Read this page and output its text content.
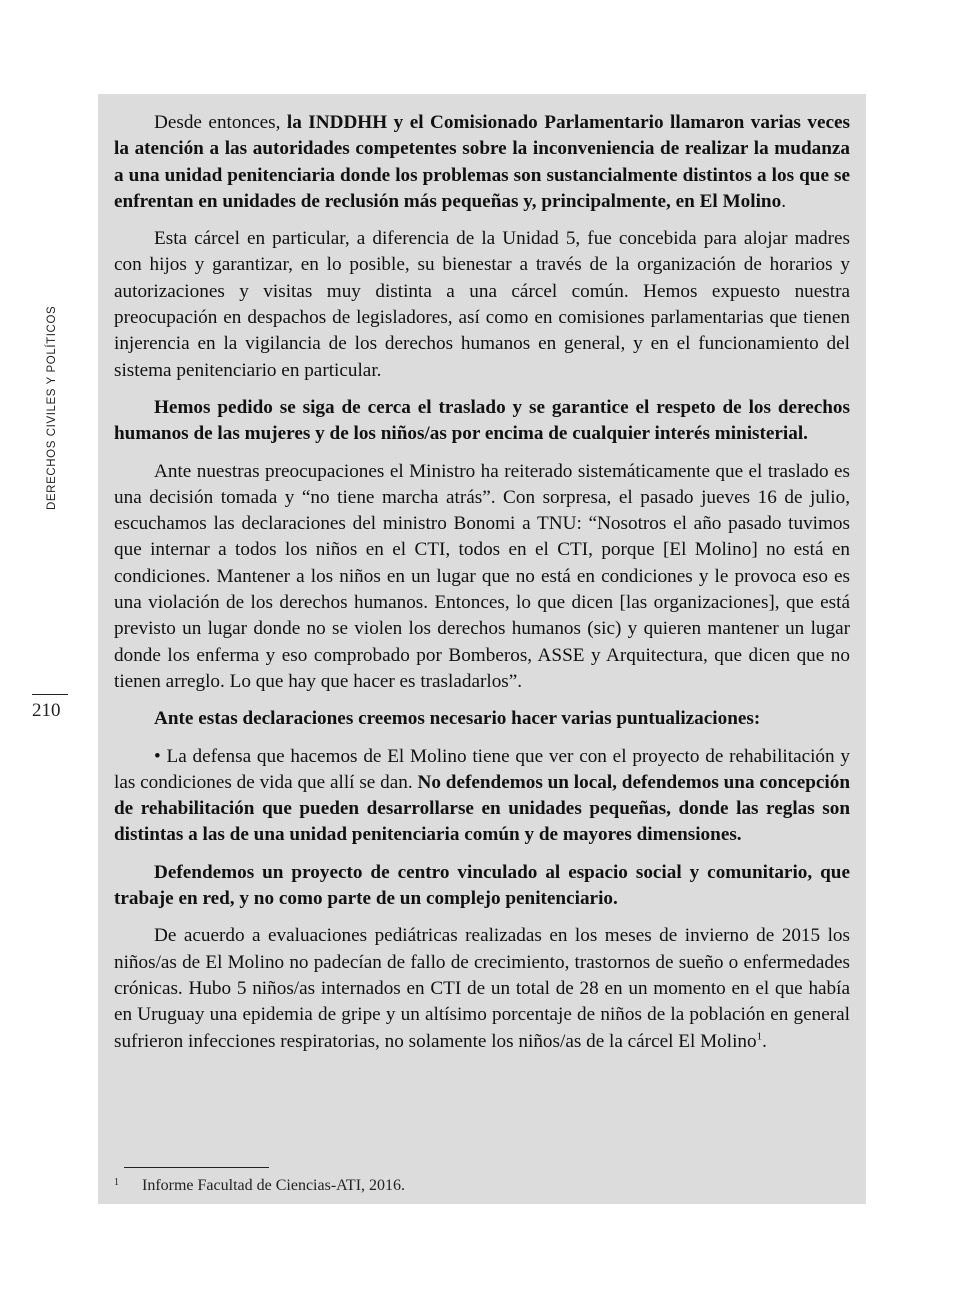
DERECHOS CIVILES Y POLÍTICOS
210

Desde entonces, la INDDHH y el Comisionado Parlamentario llamaron varias veces la atención a las autoridades competentes sobre la inconveniencia de realizar la mudanza a una unidad penitenciaria donde los problemas son sustancialmente distintos a los que se enfrentan en unidades de reclusión más pequeñas y, principalmente, en El Molino.

Esta cárcel en particular, a diferencia de la Unidad 5, fue concebida para alojar madres con hijos y garantizar, en lo posible, su bienestar a través de la organización de horarios y autorizaciones y visitas muy distinta a una cárcel común. Hemos expuesto nuestra preocupación en despachos de legisladores, así como en comisiones parlamentarias que tienen injerencia en la vigilancia de los derechos humanos en general, y en el funcionamiento del sistema penitenciario en particular.

Hemos pedido se siga de cerca el traslado y se garantice el respeto de los derechos humanos de las mujeres y de los niños/as por encima de cualquier interés ministerial.

Ante nuestras preocupaciones el Ministro ha reiterado sistemáticamente que el traslado es una decisión tomada y “no tiene marcha atrás”. Con sorpresa, el pasado jueves 16 de julio, escuchamos las declaraciones del ministro Bonomi a TNU: “Nosotros el año pasado tuvimos que internar a todos los niños en el CTI, todos en el CTI, porque [El Molino] no está en condiciones. Mantener a los niños en un lugar que no está en condiciones y le provoca eso es una violación de los derechos humanos. Entonces, lo que dicen [las organizaciones], que está previsto un lugar donde no se violen los derechos humanos (sic) y quieren mantener un lugar donde los enferma y eso comprobado por Bomberos, ASSE y Arquitectura, que dicen que no tienen arreglo. Lo que hay que hacer es trasladarlos”.

Ante estas declaraciones creemos necesario hacer varias puntualizaciones:

• La defensa que hacemos de El Molino tiene que ver con el proyecto de rehabilitación y las condiciones de vida que allí se dan. No defendemos un local, defendemos una concepción de rehabilitación que pueden desarrollarse en unidades pequeñas, donde las reglas son distintas a las de una unidad penitenciaria común y de mayores dimensiones.

Defendemos un proyecto de centro vinculado al espacio social y comunitario, que trabaje en red, y no como parte de un complejo penitenciario.

De acuerdo a evaluaciones pediátricas realizadas en los meses de invierno de 2015 los niños/as de El Molino no padecían de fallo de crecimiento, trastornos de sueño o enfermedades crónicas. Hubo 5 niños/as internados en CTI de un total de 28 en un momento en el que había en Uruguay una epidemia de gripe y un altísimo porcentaje de niños de la población en general sufrieron infecciones respiratorias, no solamente los niños/as de la cárcel El Molino$^1$.

1 Informe Facultad de Ciencias-ATI, 2016.
